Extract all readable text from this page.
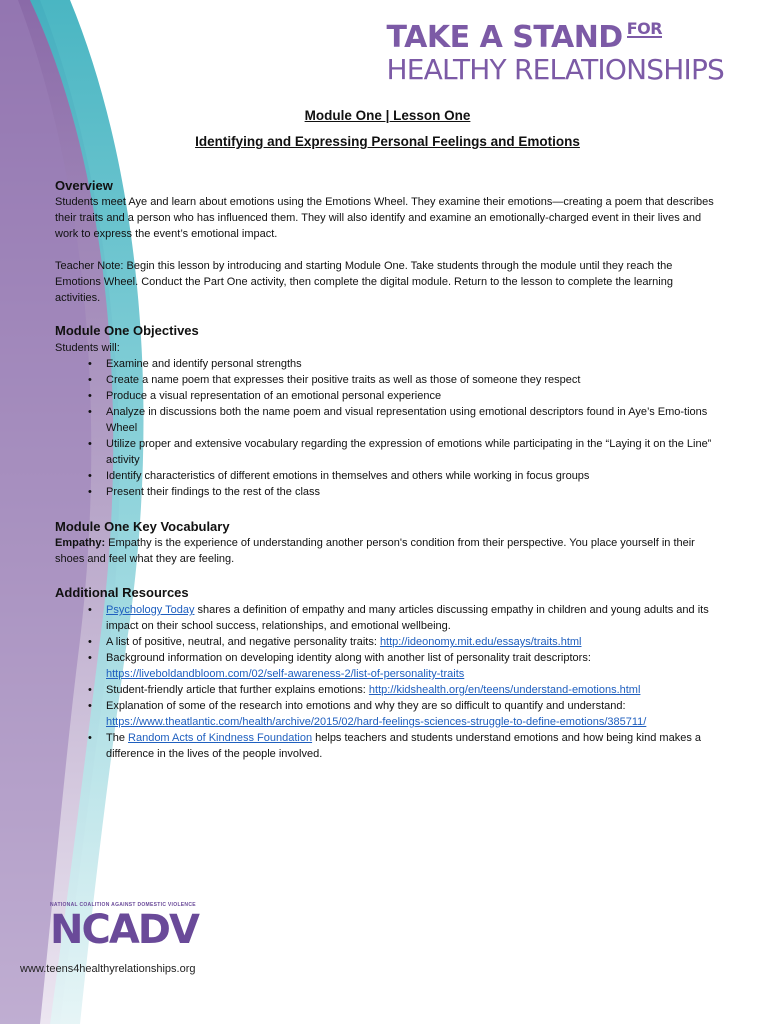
TAKE A STAND FOR
HEALTHY RELATIONSHIPS
Module One | Lesson One
Identifying and Expressing Personal Feelings and Emotions
Overview
Students meet Aye and learn about emotions using the Emotions Wheel. They examine their emotions—creating a poem that describes their traits and a person who has influenced them. They will also identify and examine an emotionally-charged event in their lives and work to express the event’s emotional impact.
Teacher Note: Begin this lesson by introducing and starting Module One. Take students through the module until they reach the Emotions Wheel. Conduct the Part One activity, then complete the digital module. Return to the lesson to complete the learning activities.
Module One Objectives
Students will:
• Examine and identify personal strengths
• Create a name poem that expresses their positive traits as well as those of someone they respect
• Produce a visual representation of an emotional personal experience
• Analyze in discussions both the name poem and visual representation using emotional descriptors found in Aye’s Emo-tions Wheel
• Utilize proper and extensive vocabulary regarding the expression of emotions while participating in the “Laying it on the Line” activity
• Identify characteristics of different emotions in themselves and others while working in focus groups
• Present their findings to the rest of the class
Module One Key Vocabulary
Empathy: Empathy is the experience of understanding another person's condition from their perspective. You place yourself in their shoes and feel what they are feeling.
Additional Resources
• Psychology Today shares a definition of empathy and many articles discussing empathy in children and young adults and its impact on their school success, relationships, and emotional wellbeing.
• A list of positive, neutral, and negative personality traits: http://ideonomy.mit.edu/essays/traits.html
• Background information on developing identity along with another list of personality trait descriptors: https://liveboldandbloom.com/02/self-awareness-2/list-of-personality-traits
• Student-friendly article that further explains emotions: http://kidshealth.org/en/teens/understand-emotions.html
• Explanation of some of the research into emotions and why they are so difficult to quantify and understand: https://www.theatlantic.com/health/archive/2015/02/hard-feelings-sciences-struggle-to-define-emotions/385711/
• The Random Acts of Kindness Foundation helps teachers and students understand emotions and how being kind makes a difference in the lives of the people involved.
NATIONAL COALITION AGAINST DOMESTIC VIOLENCE
NCADV
www.teens4healthyrelationships.org
